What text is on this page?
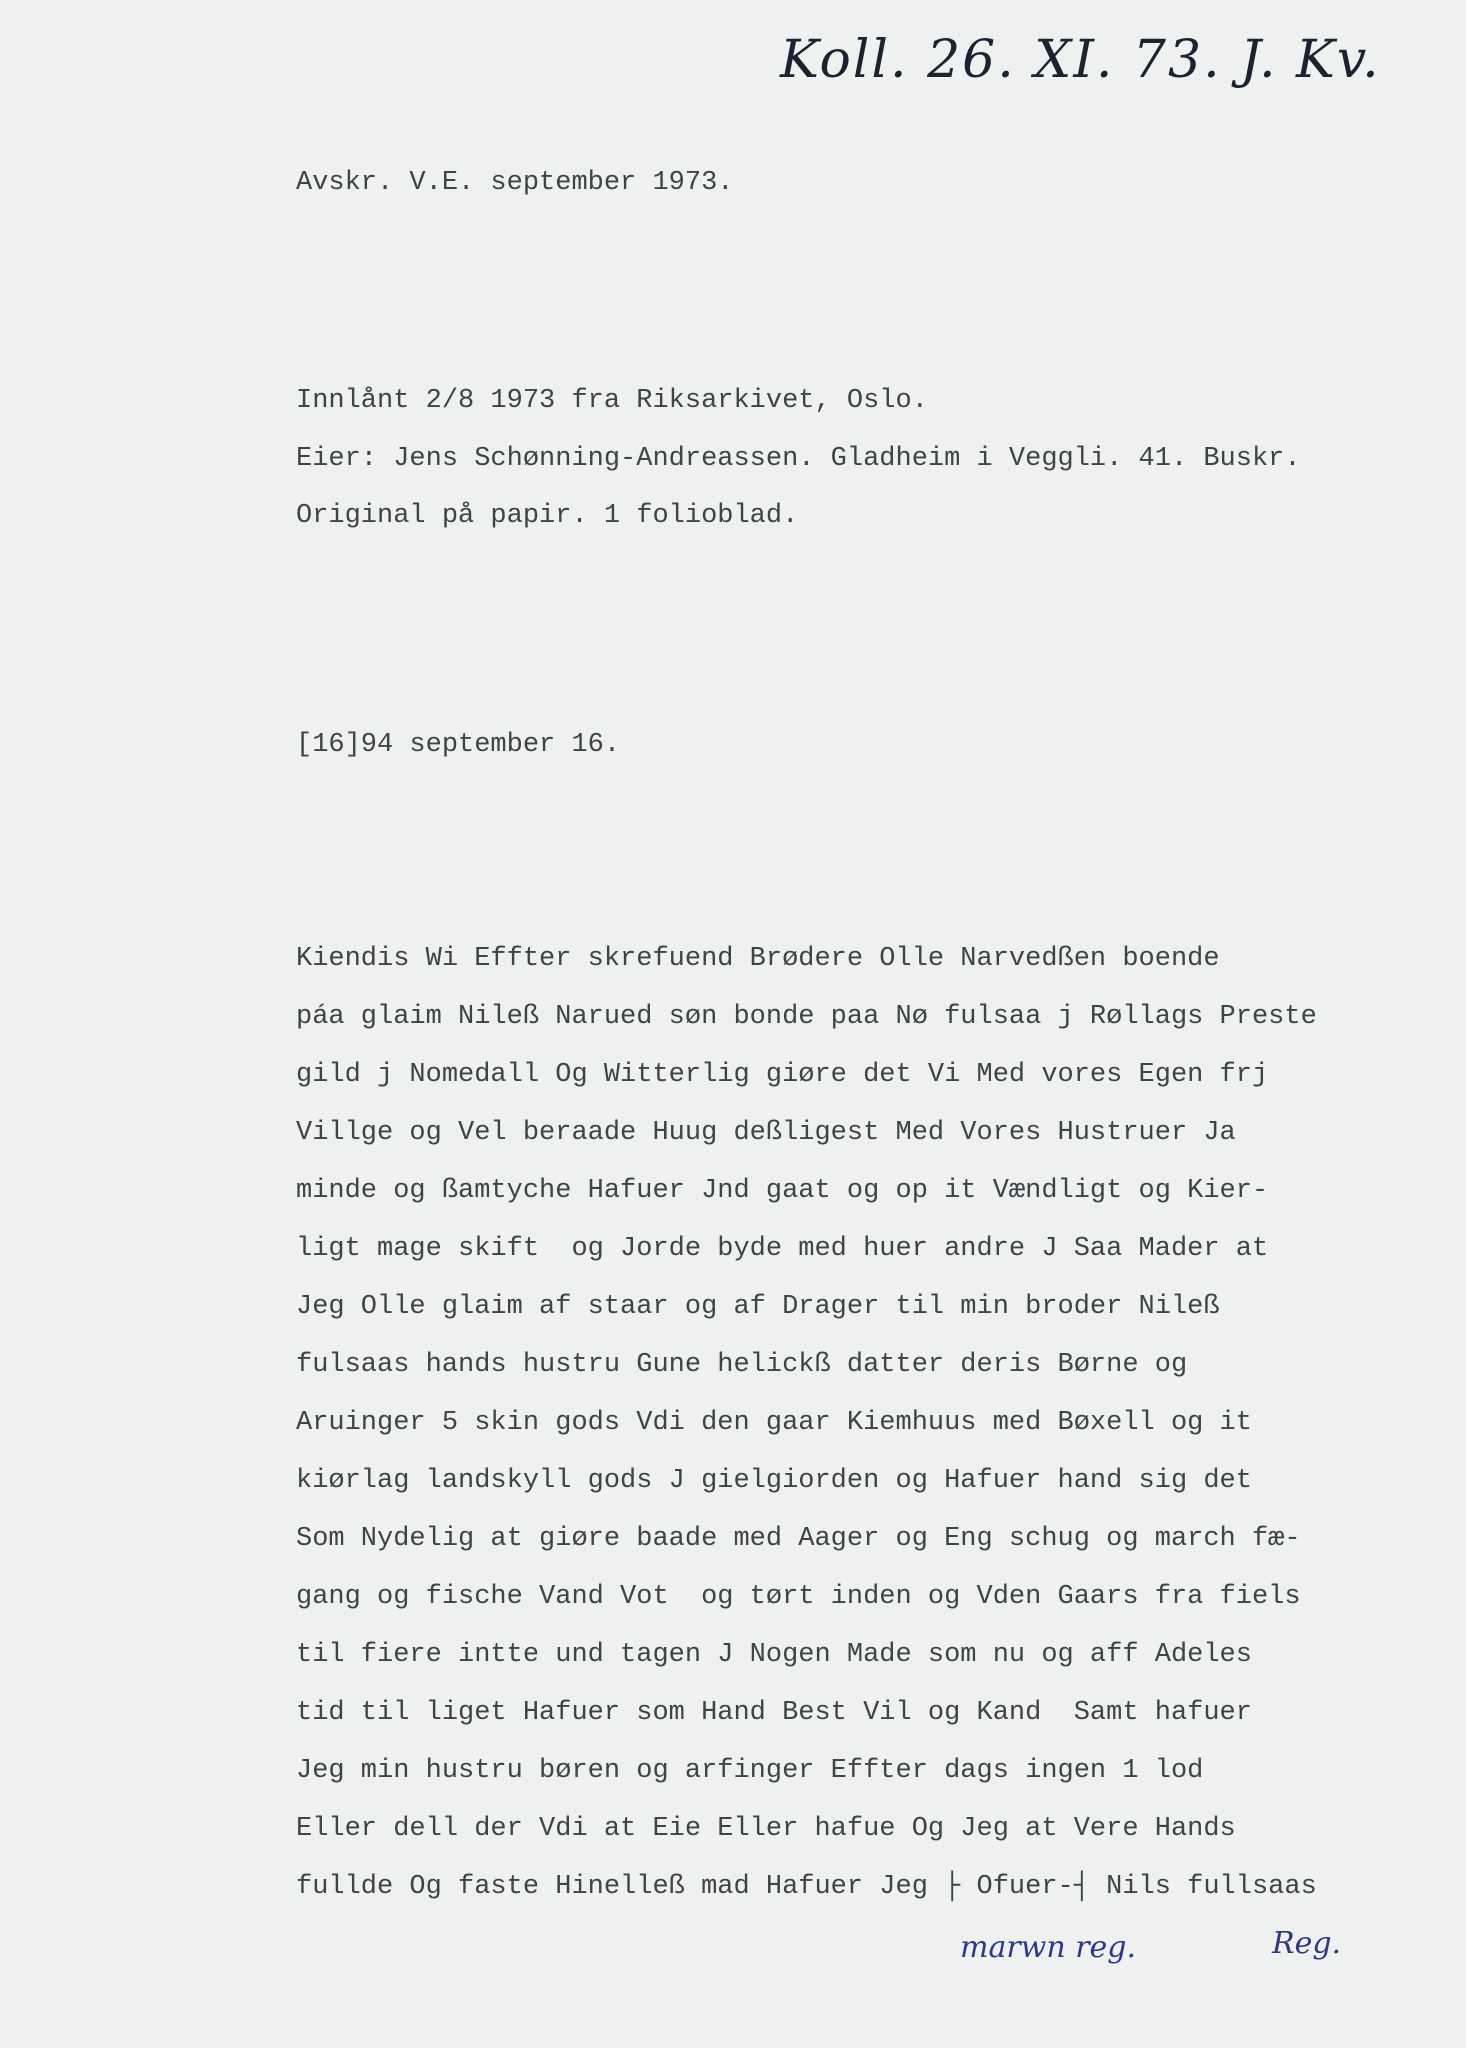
Koll. 26. XI. 73. J. Kv.
Avskr. V.E. september 1973.
Innlånt 2/8 1973 fra Riksarkivet, Oslo.
Eier: Jens Schønning-Andreassen. Gladheim i Veggli. 41. Buskr.
Original på papir. 1 folioblad.
[16]94 september 16.
Kiendis Wi Effter skrefuend Brødere Olle Narvedßen boende
páa glaim Nileß Narued søn bonde paa Nø fulsaa j Røllags Preste
gild j Nomedall Og Witterlig giøre det Vi Med vores Egen frj
Villge og Vel beraade Huug deßligest Med Vores Hustruer Ja
minde og ßamtyche Hafuer Jnd gaat og op it Vændligt og Kier-
ligt mage skift  og Jorde byde med huer andre J Saa Mader at
Jeg Olle glaim af staar og af Drager til min broder Nileß
fulsaas hands hustru Gune helickß datter deris Børne og
Aruinger 5 skin gods Vdi den gaar Kiemhuus med Bøxell og it
kiørlag landskyll gods J gielgiorden og Hafuer hand sig det
Som Nydelig at giøre baade med Aager og Eng schug og march fæ-
gang og fische Vand Vot  og tørt inden og Vden Gaars fra fiels
til fiere intte und tagen J Nogen Made som nu og aff Adeles
tid til liget Hafuer som Hand Best Vil og Kand  Samt hafuer
Jeg min hustru børen og arfinger Effter dags ingen 1 lod
Eller dell der Vdi at Eie Eller hafue Og Jeg at Vere Hands
fullde Og faste Hinelleß mad Hafuer Jeg ├ Ofuer-┤ Nils fullsaas
marwn reg.	Reg.
